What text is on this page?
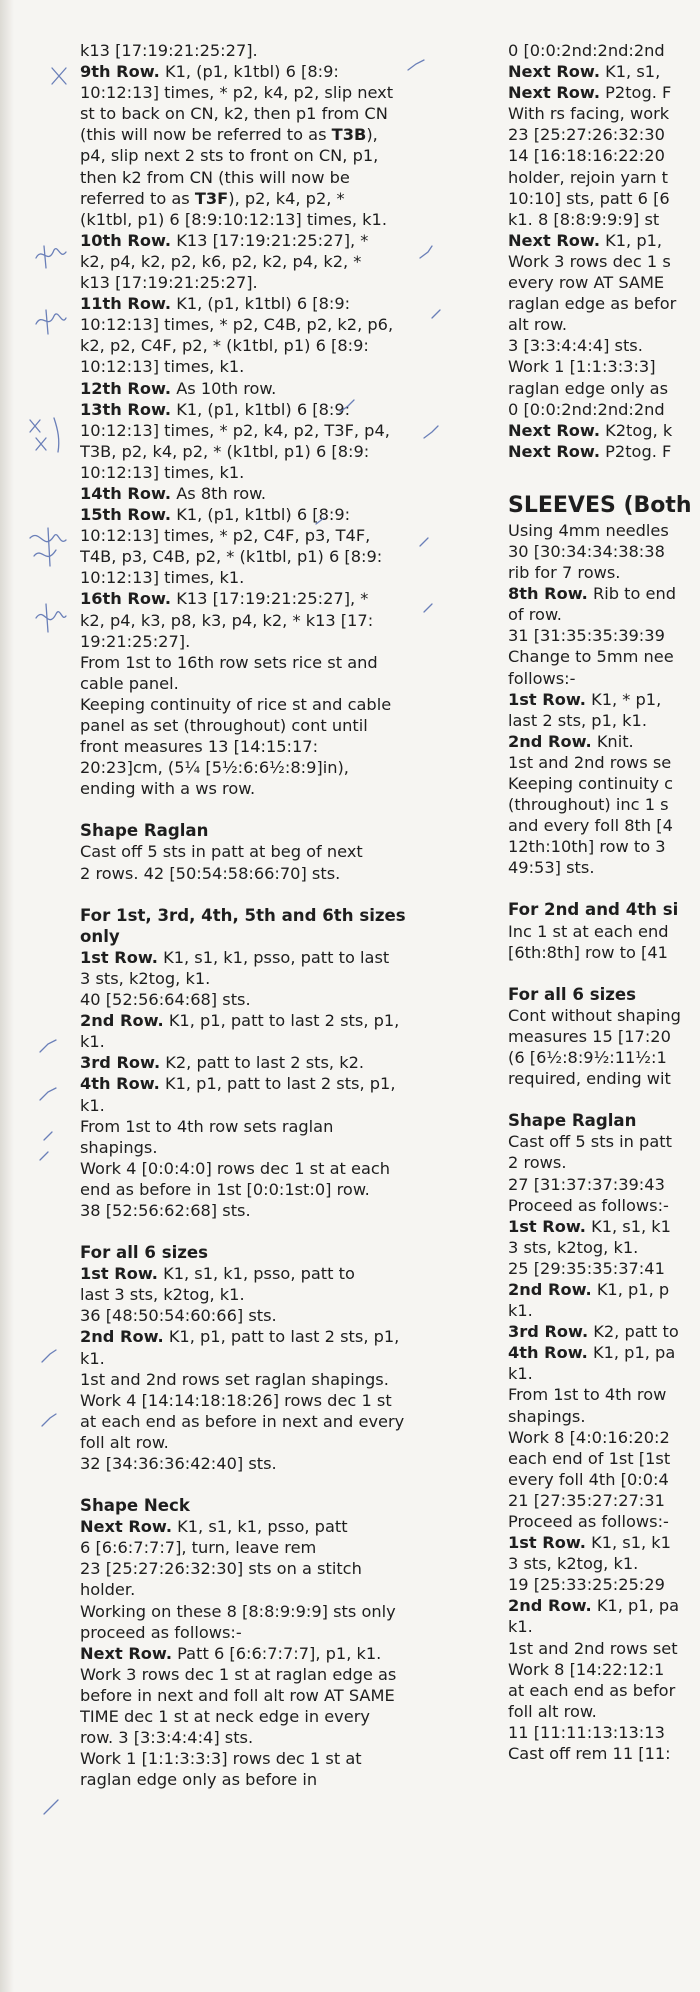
k13 [17:19:21:25:27].
9th Row. K1, (p1, k1tbl) 6 [8:9:
10:12:13] times, * p2, k4, p2, slip next
st to back on CN, k2, then p1 from CN
(this will now be referred to as T3B),
p4, slip next 2 sts to front on CN, p1,
then k2 from CN (this will now be
referred to as T3F), p2, k4, p2, *
(k1tbl, p1) 6 [8:9:10:12:13] times, k1.
10th Row. K13 [17:19:21:25:27], *
k2, p4, k2, p2, k6, p2, k2, p4, k2, *
k13 [17:19:21:25:27].
11th Row. K1, (p1, k1tbl) 6 [8:9:
10:12:13] times, * p2, C4B, p2, k2, p6,
k2, p2, C4F, p2, * (k1tbl, p1) 6 [8:9:
10:12:13] times, k1.
12th Row. As 10th row.
13th Row. K1, (p1, k1tbl) 6 [8:9:
10:12:13] times, * p2, k4, p2, T3F, p4,
T3B, p2, k4, p2, * (k1tbl, p1) 6 [8:9:
10:12:13] times, k1.
14th Row. As 8th row.
15th Row. K1, (p1, k1tbl) 6 [8:9:
10:12:13] times, * p2, C4F, p3, T4F,
T4B, p3, C4B, p2, * (k1tbl, p1) 6 [8:9:
10:12:13] times, k1.
16th Row. K13 [17:19:21:25:27], *
k2, p4, k3, p8, k3, p4, k2, * k13 [17:
19:21:25:27].
From 1st to 16th row sets rice st and
cable panel.
Keeping continuity of rice st and cable
panel as set (throughout) cont until
front measures 13 [14:15:17:
20:23]cm, (5¼ [5½:6:6½:8:9]in),
ending with a ws row.
Shape Raglan
Cast off 5 sts in patt at beg of next
2 rows. 42 [50:54:58:66:70] sts.
For 1st, 3rd, 4th, 5th and 6th sizes
only
1st Row. K1, s1, k1, psso, patt to last
3 sts, k2tog, k1.
40 [52:56:64:68] sts.
2nd Row. K1, p1, patt to last 2 sts, p1,
k1.
3rd Row. K2, patt to last 2 sts, k2.
4th Row. K1, p1, patt to last 2 sts, p1,
k1.
From 1st to 4th row sets raglan
shapings.
Work 4 [0:0:4:0] rows dec 1 st at each
end as before in 1st [0:0:1st:0] row.
38 [52:56:62:68] sts.
For all 6 sizes
1st Row. K1, s1, k1, psso, patt to
last 3 sts, k2tog, k1.
36 [48:50:54:60:66] sts.
2nd Row. K1, p1, patt to last 2 sts, p1,
k1.
1st and 2nd rows set raglan shapings.
Work 4 [14:14:18:18:26] rows dec 1 st
at each end as before in next and every
foll alt row.
32 [34:36:36:42:40] sts.
Shape Neck
Next Row. K1, s1, k1, psso, patt
6 [6:6:7:7:7], turn, leave rem
23 [25:27:26:32:30] sts on a stitch
holder.
Working on these 8 [8:8:9:9:9] sts only
proceed as follows:-
Next Row. Patt 6 [6:6:7:7:7], p1, k1.
Work 3 rows dec 1 st at raglan edge as
before in next and foll alt row AT SAME
TIME dec 1 st at neck edge in every
row. 3 [3:3:4:4:4] sts.
Work 1 [1:1:3:3:3] rows dec 1 st at
raglan edge only as before in
0 [0:0:2nd:2nd:2nd
Next Row. K1, s1,
Next Row. P2tog. F
With rs facing, work
23 [25:27:26:32:30
14 [16:18:16:22:20
holder, rejoin yarn t
10:10] sts, patt 6 [6
k1. 8 [8:8:9:9:9] st
Next Row. K1, p1,
Work 3 rows dec 1 s
every row AT SAME
raglan edge as befor
alt row.
3 [3:3:4:4:4] sts.
Work 1 [1:1:3:3:3]
raglan edge only as
0 [0:0:2nd:2nd:2nd
Next Row. K2tog, k
Next Row. P2tog. F
SLEEVES (Both
Using 4mm needles
30 [30:34:34:38:38
rib for 7 rows.
8th Row. Rib to end
of row.
31 [31:35:35:39:39
Change to 5mm nee
follows:-
1st Row. K1, * p1,
last 2 sts, p1, k1.
2nd Row. Knit.
1st and 2nd rows se
Keeping continuity c
(throughout) inc 1 s
and every foll 8th [4
12th:10th] row to 3
49:53] sts.
For 2nd and 4th si
Inc 1 st at each end
[6th:8th] row to [41
For all 6 sizes
Cont without shaping
measures 15 [17:20
(6 [6½:8:9½:11½:1
required, ending wit
Shape Raglan
Cast off 5 sts in patt
2 rows.
27 [31:37:37:39:43
Proceed as follows:-
1st Row. K1, s1, k1
3 sts, k2tog, k1.
25 [29:35:35:37:41
2nd Row. K1, p1, p
k1.
3rd Row. K2, patt to
4th Row. K1, p1, pa
k1.
From 1st to 4th row
shapings.
Work 8 [4:0:16:20:2
each end of 1st [1st
every foll 4th [0:0:4
21 [27:35:27:27:31
Proceed as follows:-
1st Row. K1, s1, k1
3 sts, k2tog, k1.
19 [25:33:25:25:29
2nd Row. K1, p1, pa
k1.
1st and 2nd rows set
Work 8 [14:22:12:1
at each end as befor
foll alt row.
11 [11:11:13:13:13
Cast off rem 11 [11:
